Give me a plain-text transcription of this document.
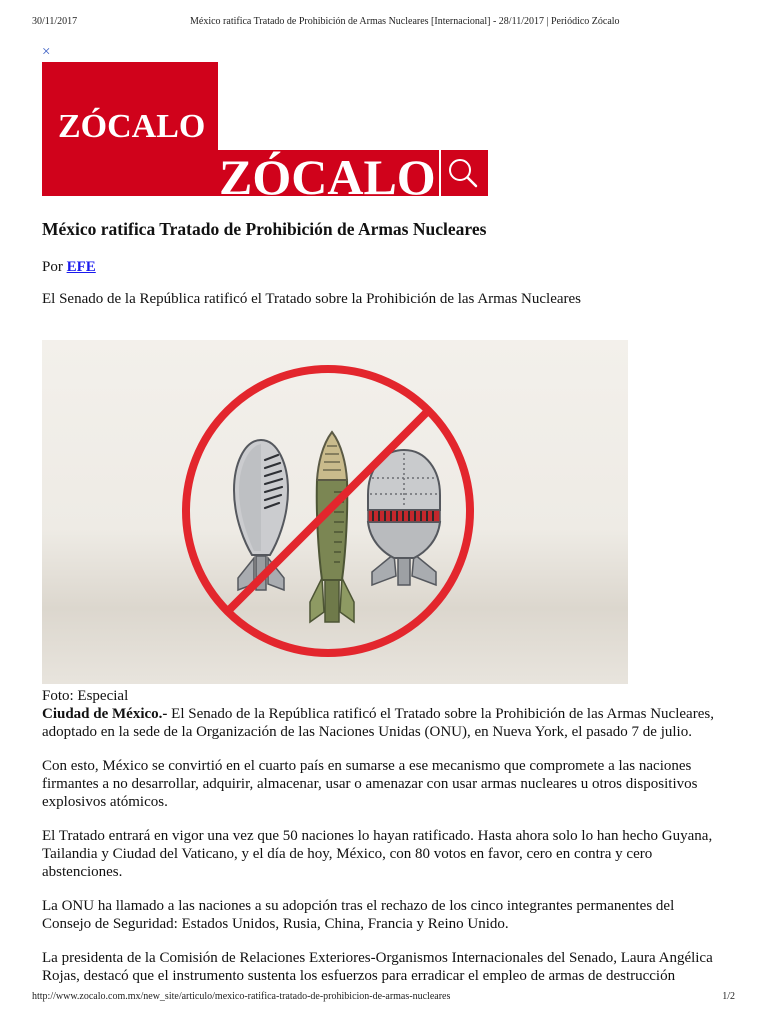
30/11/2017	México ratifica Tratado de Prohibición de Armas Nucleares [Internacional] - 28/11/2017 | Periódico Zócalo
×
ZÓCALO
ZÓCALO
México ratifica Tratado de Prohibición de Armas Nucleares
Por EFE
El Senado de la República ratificó el Tratado sobre la Prohibición de las Armas Nucleares
Foto: Especial

Ciudad de México.- El Senado de la República ratificó el Tratado sobre la Prohibición de las Armas Nucleares, adoptado en la sede de la Organización de las Naciones Unidas (ONU), en Nueva York, el pasado 7 de julio.

Con esto, México se convirtió en el cuarto país en sumarse a ese mecanismo que compromete a las naciones firmantes a no desarrollar, adquirir, almacenar, usar o amenazar con usar armas nucleares u otros dispositivos explosivos atómicos.

El Tratado entrará en vigor una vez que 50 naciones lo hayan ratificado. Hasta ahora solo lo han hecho Guyana, Tailandia y Ciudad del Vaticano, y el día de hoy, México, con 80 votos en favor, cero en contra y cero abstenciones.

La ONU ha llamado a las naciones a su adopción tras el rechazo de los cinco integrantes permanentes del Consejo de Seguridad: Estados Unidos, Rusia, China, Francia y Reino Unido.

La presidenta de la Comisión de Relaciones Exteriores-Organismos Internacionales del Senado, Laura Angélica Rojas, destacó que el instrumento sustenta los esfuerzos para erradicar el empleo de armas de destrucción

http://www.zocalo.com.mx/new_site/articulo/mexico-ratifica-tratado-de-prohibicion-de-armas-nucleares	1/2
